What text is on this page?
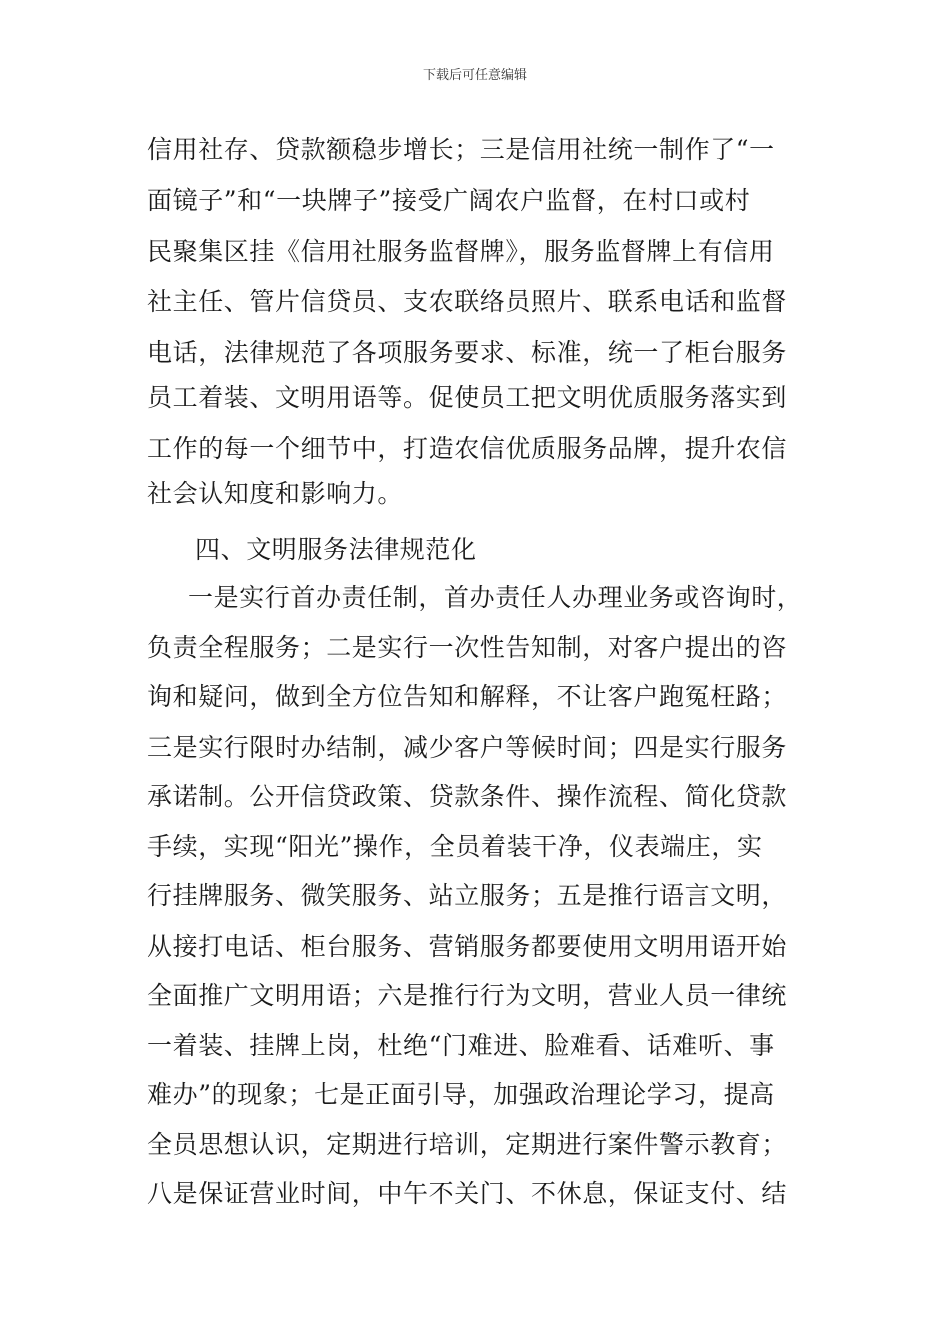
下载后可任意编辑

信用社存、贷款额稳步增长；三是信用社统一制作了“一

面镜子”和“一块牌子”接受广阔农户监督，在村口或村

民聚集区挂《信用社服务监督牌》，服务监督牌上有信用

社主任、管片信贷员、支农联络员照片、联系电话和监督

电话，法律规范了各项服务要求、标准，统一了柜台服务

员工着装、文明用语等。促使员工把文明优质服务落实到

工作的每一个细节中，打造农信优质服务品牌，提升农信

社会认知度和影响力。

四、文明服务法律规范化

一是实行首办责任制，首办责任人办理业务或咨询时，

负责全程服务；二是实行一次性告知制，对客户提出的咨

询和疑问，做到全方位告知和解释，不让客户跑冤枉路；

三是实行限时办结制，减少客户等候时间；四是实行服务

承诺制。公开信贷政策、贷款条件、操作流程、简化贷款

手续，实现“阳光”操作，全员着装干净，仪表端庄，实

行挂牌服务、微笑服务、站立服务；五是推行语言文明，

从接打电话、柜台服务、营销服务都要使用文明用语开始

全面推广文明用语；六是推行行为文明，营业人员一律统

一着装、挂牌上岗，杜绝“门难进、脸难看、话难听、事

难办”的现象；七是正面引导，加强政治理论学习，提高

全员思想认识，定期进行培训，定期进行案件警示教育；

八是保证营业时间，中午不关门、不休息，保证支付、结
